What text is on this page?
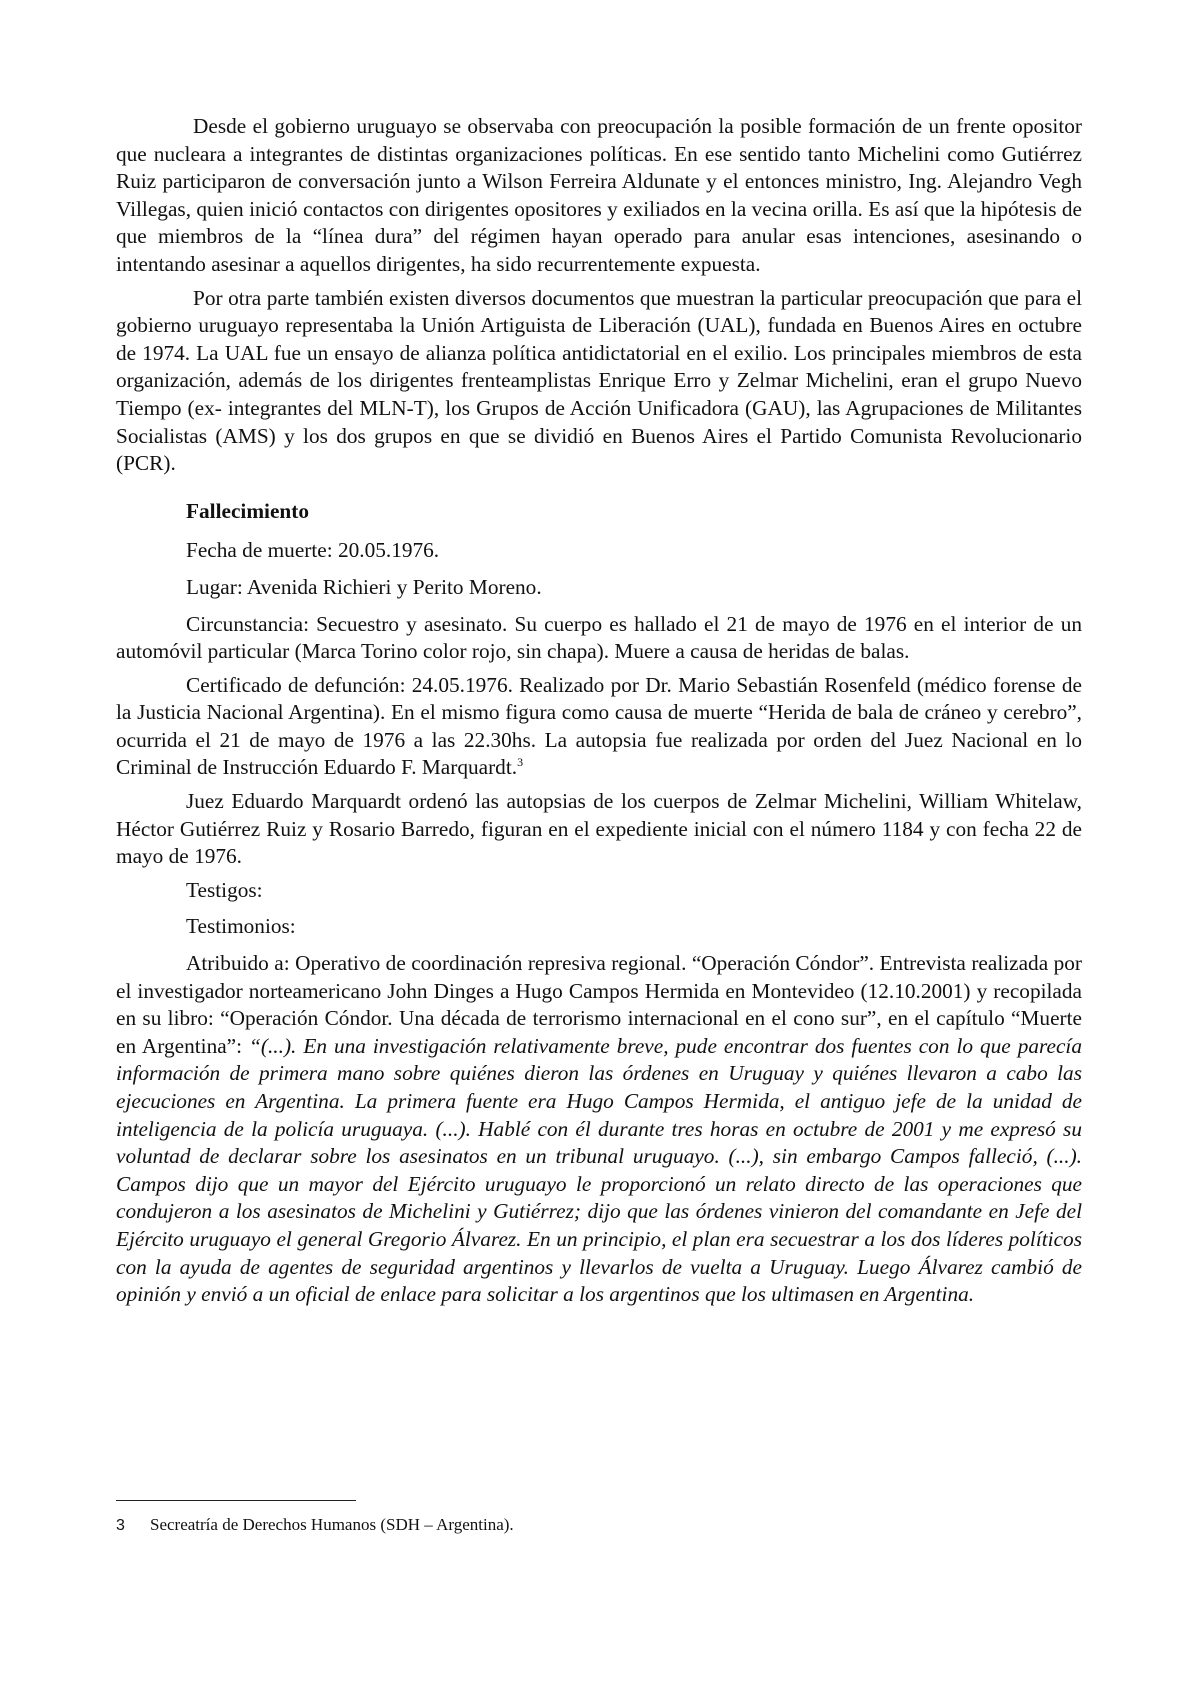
Desde el gobierno uruguayo se observaba con preocupación la posible formación de un frente opositor que nucleara a integrantes de distintas organizaciones políticas. En ese sentido tanto Michelini como Gutiérrez Ruiz participaron de conversación junto a Wilson Ferreira Aldunate y el entonces ministro, Ing. Alejandro Vegh Villegas, quien inició contactos con dirigentes opositores y exiliados en la vecina orilla. Es así que la hipótesis de que miembros de la “línea dura” del régimen hayan operado para anular esas intenciones, asesinando o intentando asesinar a aquellos dirigentes, ha sido recurrentemente expuesta.

Por otra parte también existen diversos documentos que muestran la particular preocupación que para el gobierno uruguayo representaba la Unión Artiguista de Liberación (UAL), fundada en Buenos Aires en octubre de 1974. La UAL fue un ensayo de alianza política antidictatorial en el exilio. Los principales miembros de esta organización, además de los dirigentes frenteamplistas Enrique Erro y Zelmar Michelini, eran el grupo Nuevo Tiempo (ex- integrantes del MLN-T), los Grupos de Acción Unificadora (GAU), las Agrupaciones de Militantes Socialistas (AMS) y los dos grupos en que se dividió en Buenos Aires el Partido Comunista Revolucionario (PCR).

Fallecimiento

Fecha de muerte: 20.05.1976.

Lugar: Avenida Richieri y Perito Moreno.

Circunstancia: Secuestro y asesinato. Su cuerpo es hallado el 21 de mayo de 1976 en el interior de un automóvil particular (Marca Torino color rojo, sin chapa). Muere a causa de heridas de balas.

Certificado de defunción: 24.05.1976. Realizado por Dr. Mario Sebastián Rosenfeld (médico forense de la Justicia Nacional Argentina). En el mismo figura como causa de muerte “Herida de bala de cráneo y cerebro”, ocurrida el 21 de mayo de 1976 a las 22.30hs. La autopsia fue realizada por orden del Juez Nacional en lo Criminal de Instrucción Eduardo F. Marquardt.$^3$

Juez Eduardo Marquardt ordenó las autopsias de los cuerpos de Zelmar Michelini, William Whitelaw, Héctor Gutiérrez Ruiz y Rosario Barredo, figuran en el expediente inicial con el número 1184 y con fecha 22 de mayo de 1976.

Testigos:

Testimonios:

Atribuido a: Operativo de coordinación represiva regional. “Operación Cóndor”. Entrevista realizada por el investigador norteamericano John Dinges a Hugo Campos Hermida en Montevideo (12.10.2001) y recopilada en su libro: “Operación Cóndor. Una década de terrorismo internacional en el cono sur”, en el capítulo “Muerte en Argentina”: “(...). En una investigación relativamente breve, pude encontrar dos fuentes con lo que parecía información de primera mano sobre quiénes dieron las órdenes en Uruguay y quiénes llevaron a cabo las ejecuciones en Argentina. La primera fuente era Hugo Campos Hermida, el antiguo jefe de la unidad de inteligencia de la policía uruguaya. (...). Hablé con él durante tres horas en octubre de 2001 y me expresó su voluntad de declarar sobre los asesinatos en un tribunal uruguayo. (...), sin embargo Campos falleció, (...). Campos dijo que un mayor del Ejército uruguayo le proporcionó un relato directo de las operaciones que condujeron a los asesinatos de Michelini y Gutiérrez; dijo que las órdenes vinieron del comandante en Jefe del Ejército uruguayo el general Gregorio Álvarez. En un principio, el plan era secuestrar a los dos líderes políticos con la ayuda de agentes de seguridad argentinos y llevarlos de vuelta a Uruguay. Luego Álvarez cambió de opinión y envió a un oficial de enlace para solicitar a los argentinos que los ultimasen en Argentina.

3 Secreatría de Derechos Humanos (SDH – Argentina).
